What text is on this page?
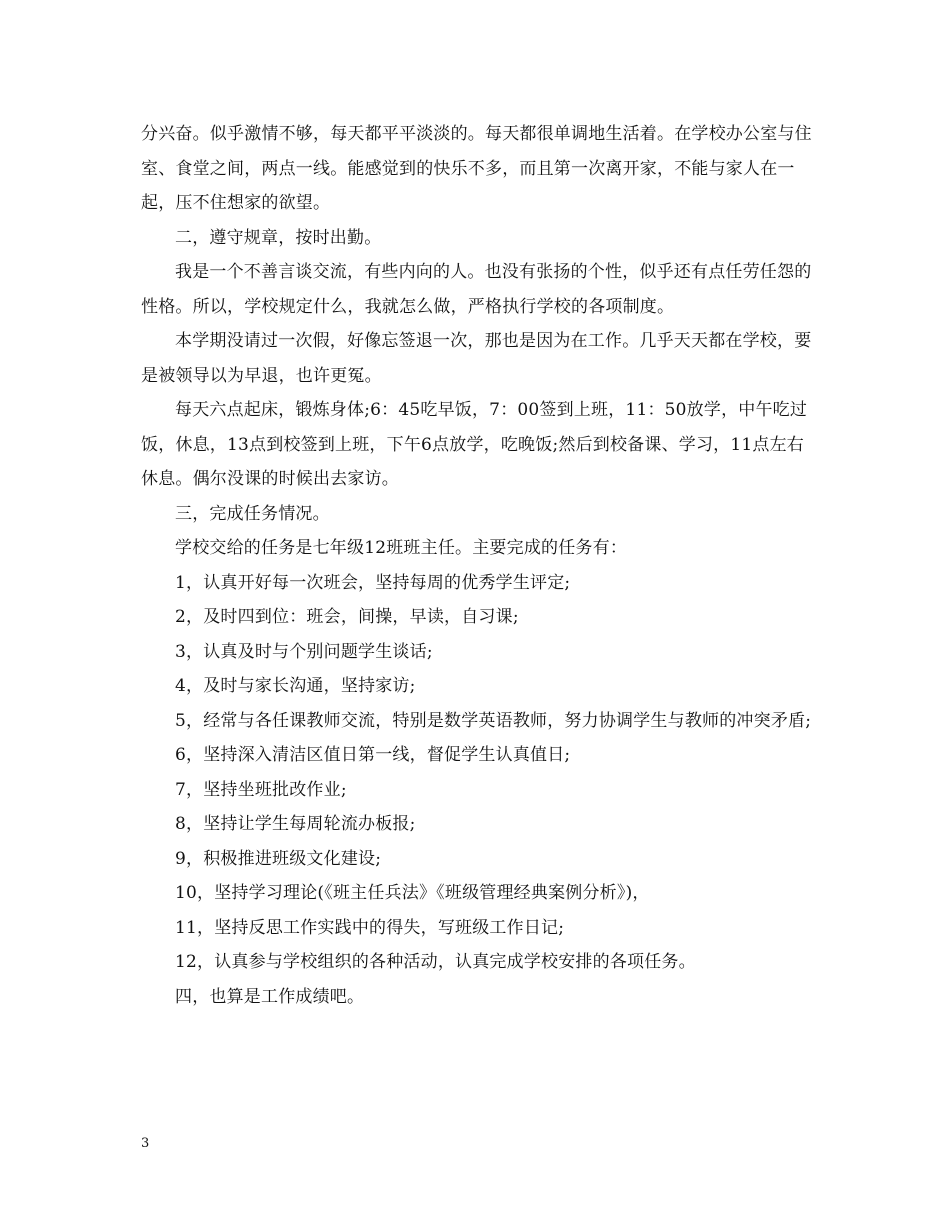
分兴奋。似乎激情不够，每天都平平淡淡的。每天都很单调地生活着。在学校办公室与住室、食堂之间，两点一线。能感觉到的快乐不多，而且第一次离开家，不能与家人在一起，压不住想家的欲望。

二，遵守规章，按时出勤。

我是一个不善言谈交流，有些内向的人。也没有张扬的个性，似乎还有点任劳任怨的性格。所以，学校规定什么，我就怎么做，严格执行学校的各项制度。

本学期没请过一次假，好像忘签退一次，那也是因为在工作。几乎天天都在学校，要是被领导以为早退，也许更冤。

每天六点起床，锻炼身体;6：45吃早饭，7：00签到上班，11：50放学，中午吃过饭，休息，13点到校签到上班，下午6点放学，吃晚饭;然后到校备课、学习，11点左右休息。偶尔没课的时候出去家访。

三，完成任务情况。

学校交给的任务是七年级12班班主任。主要完成的任务有：

1，认真开好每一次班会，坚持每周的优秀学生评定;

2，及时四到位：班会，间操，早读，自习课;

3，认真及时与个别问题学生谈话;

4，及时与家长沟通，坚持家访;

5，经常与各任课教师交流，特别是数学英语教师，努力协调学生与教师的冲突矛盾;

6，坚持深入清洁区值日第一线，督促学生认真值日;

7，坚持坐班批改作业;

8，坚持让学生每周轮流办板报;

9，积极推进班级文化建设;

10，坚持学习理论(《班主任兵法》《班级管理经典案例分析》)，

11，坚持反思工作实践中的得失，写班级工作日记;

12，认真参与学校组织的各种活动，认真完成学校安排的各项任务。

四，也算是工作成绩吧。

3
